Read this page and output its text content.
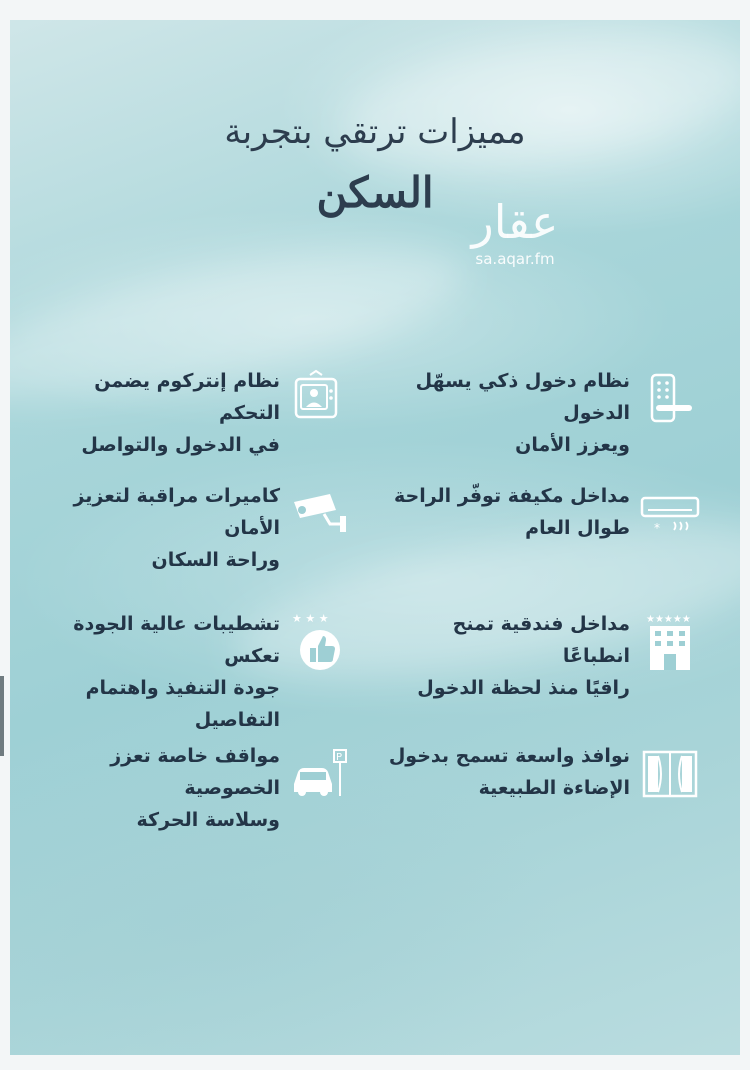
مميزات ترتقي بتجربة
السكن
عقار
sa.aqar.fm
نظام دخول ذكي يسهّل الدخول
ويعزز الأمان
نظام إنتركوم يضمن التحكم
في الدخول والتواصل
*
مداخل مكيفة توفّر الراحة
طوال العام
كاميرات مراقبة لتعزيز الأمان
وراحة السكان
★★★★★
مداخل فندقية تمنح انطباعًا
راقيًا منذ لحظة الدخول
★ ★ ★
تشطيبات عالية الجودة تعكس
جودة التنفيذ واهتمام التفاصيل
نوافذ واسعة تسمح بدخول
الإضاءة الطبيعية
P
مواقف خاصة تعزز الخصوصية
وسلاسة الحركة
